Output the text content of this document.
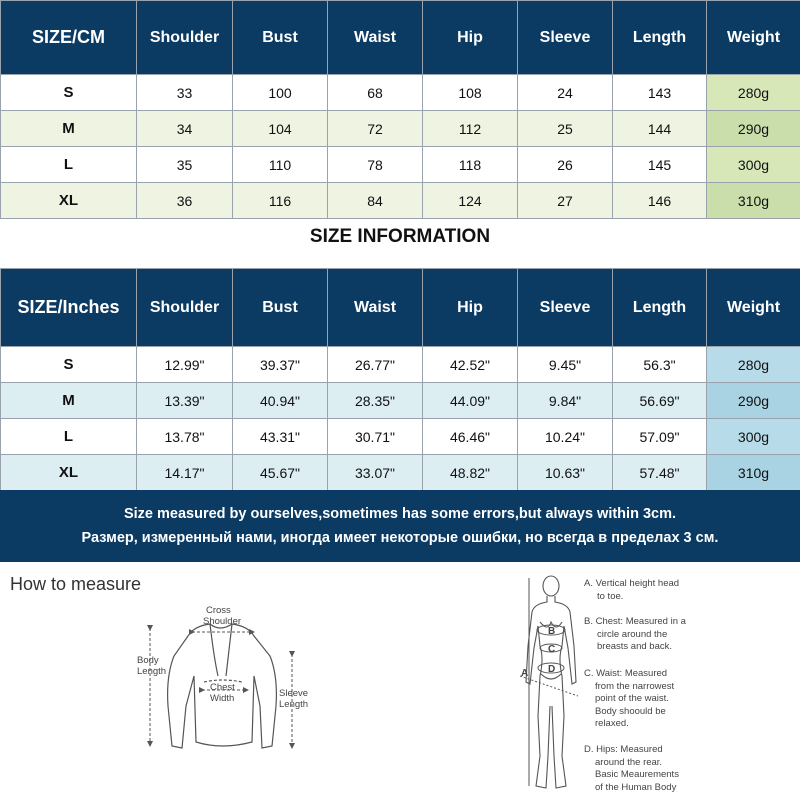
SIZE/CM	Shoulder	Bust	Waist	Hip	Sleeve	Length	Weight
S	33	100	68	108	24	143	280g
M	34	104	72	112	25	144	290g
L	35	110	78	118	26	145	300g
XL	36	116	84	124	27	146	310g
SIZE INFORMATION
SIZE/Inches	Shoulder	Bust	Waist	Hip	Sleeve	Length	Weight
S	12.99"	39.37"	26.77"	42.52"	9.45"	56.3"	280g
M	13.39"	40.94"	28.35"	44.09"	9.84"	56.69"	290g
L	13.78"	43.31"	30.71"	46.46"	10.24"	57.09"	300g
XL	14.17"	45.67"	33.07"	48.82"	10.63"	57.48"	310g
Size measured by ourselves,sometimes has some errors,but always within 3cm.
Размер, измеренный нами, иногда имеет некоторые ошибки, но всегда в пределах 3 см.
How to measure
Cross
Shoulder
Body
Length
Chest
Width	Sleeve
Length
A
B
C
D
A. Vertical height head
to toe.
B. Chest: Measured in a
circle around the
breasts and back.
C. Waist: Measured
from the narrowest
point of the waist.
Body shoould be
relaxed.
D. Hips: Measured
around the rear.
Basic Meaurements
of the Human Body
